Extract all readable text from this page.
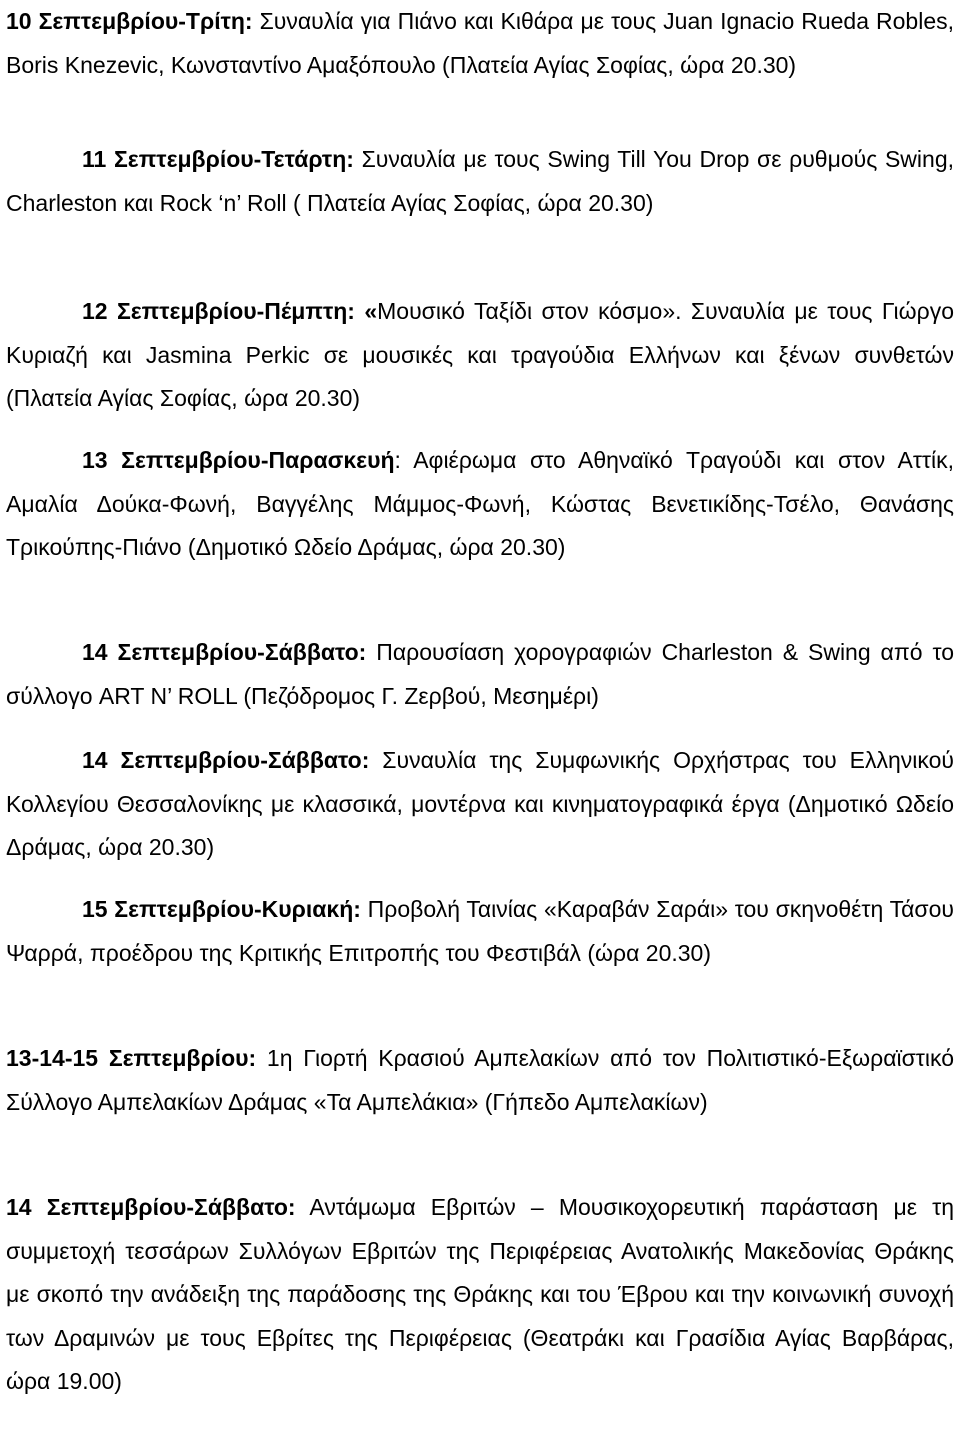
10 Σεπτεμβρίου-Τρίτη: Συναυλία για Πιάνο και Κιθάρα με τους Juan Ignacio Rueda Robles, Boris Knezevic, Κωνσταντίνο Αμαξόπουλο (Πλατεία Αγίας Σοφίας, ώρα 20.30)

11 Σεπτεμβρίου-Τετάρτη: Συναυλία με τους Swing Till You Drop σε ρυθμούς Swing, Charleston και Rock ‘n’ Roll ( Πλατεία Αγίας Σοφίας, ώρα 20.30)

12 Σεπτεμβρίου-Πέμπτη: «Μουσικό Ταξίδι στον κόσμο». Συναυλία με τους Γιώργο Κυριαζή και Jasmina Perkic σε μουσικές και τραγούδια Ελλήνων και ξένων συνθετών (Πλατεία Αγίας Σοφίας, ώρα 20.30)

13 Σεπτεμβρίου-Παρασκευή: Αφιέρωμα στο Αθηναϊκό Τραγούδι και στον Αττίκ, Αμαλία Δούκα-Φωνή, Βαγγέλης Μάμμος-Φωνή, Κώστας Βενετικίδης-Τσέλο, Θανάσης Τρικούπης-Πιάνο (Δημοτικό Ωδείο Δράμας, ώρα 20.30)

14 Σεπτεμβρίου-Σάββατο: Παρουσίαση χορογραφιών Charleston & Swing από το σύλλογο ART N’ ROLL (Πεζόδρομος Γ. Ζερβού, Μεσημέρι)

14 Σεπτεμβρίου-Σάββατο: Συναυλία της Συμφωνικής Ορχήστρας του Ελληνικού Κολλεγίου Θεσσαλονίκης με κλασσικά, μοντέρνα και κινηματογραφικά έργα (Δημοτικό Ωδείο Δράμας, ώρα 20.30)

15 Σεπτεμβρίου-Κυριακή: Προβολή Ταινίας «Καραβάν Σαράι» του σκηνοθέτη Τάσου Ψαρρά, προέδρου της Κριτικής Επιτροπής του Φεστιβάλ (ώρα 20.30)

13-14-15 Σεπτεμβρίου: 1η Γιορτή Κρασιού Αμπελακίων από τον Πολιτιστικό-Εξωραϊστικό Σύλλογο Αμπελακίων Δράμας «Τα Αμπελάκια» (Γήπεδο Αμπελακίων)

14 Σεπτεμβρίου-Σάββατο: Αντάμωμα Εβριτών – Μουσικοχορευτική παράσταση με τη συμμετοχή τεσσάρων Συλλόγων Εβριτών της Περιφέρειας Ανατολικής Μακεδονίας Θράκης με σκοπό την ανάδειξη της παράδοσης της Θράκης και του Έβρου και την κοινωνική συνοχή των Δραμινών με τους Εβρίτες της Περιφέρειας (Θεατράκι και Γρασίδια Αγίας Βαρβάρας, ώρα 19.00)
